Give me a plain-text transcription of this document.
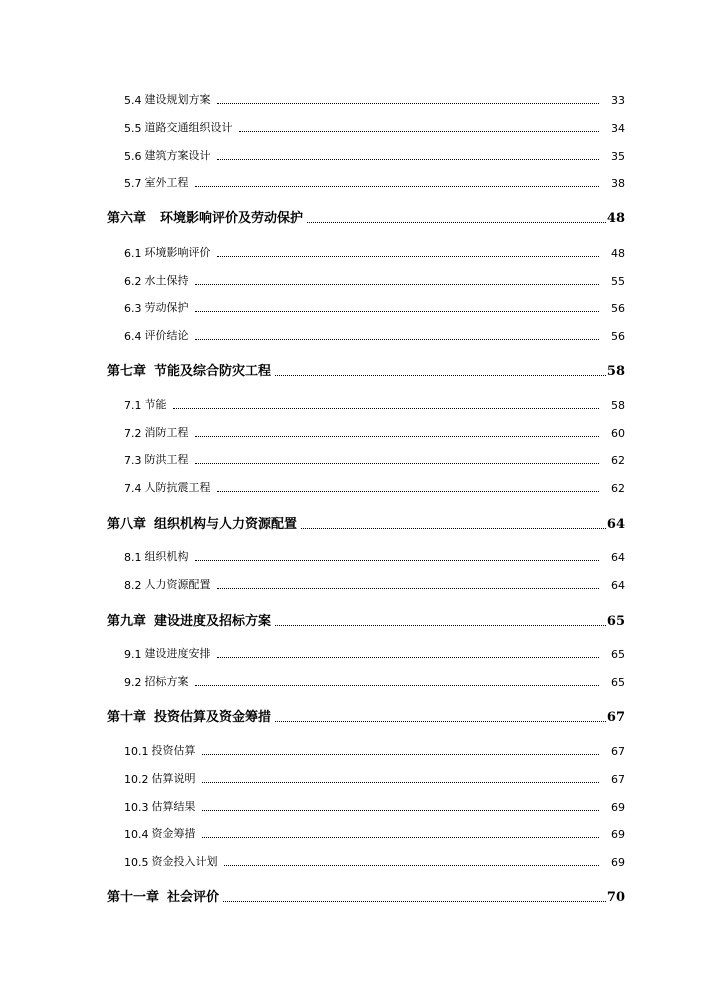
5.4 建设规划方案	33
5.5 道路交通组织设计	34
5.6 建筑方案设计	35
5.7 室外工程	38
第六章 环境影响评价及劳动保护	48
6.1 环境影响评价	48
6.2 水土保持	55
6.3 劳动保护	56
6.4 评价结论	56
第七章 节能及综合防灾工程	58
7.1 节能	58
7.2 消防工程	60
7.3 防洪工程	62
7.4 人防抗震工程	62
第八章 组织机构与人力资源配置	64
8.1 组织机构	64
8.2 人力资源配置	64
第九章 建设进度及招标方案	65
9.1 建设进度安排	65
9.2 招标方案	65
第十章 投资估算及资金筹措	67
10.1 投资估算	67
10.2 估算说明	67
10.3 估算结果	69
10.4 资金筹措	69
10.5 资金投入计划	69
第十一章 社会评价	70
